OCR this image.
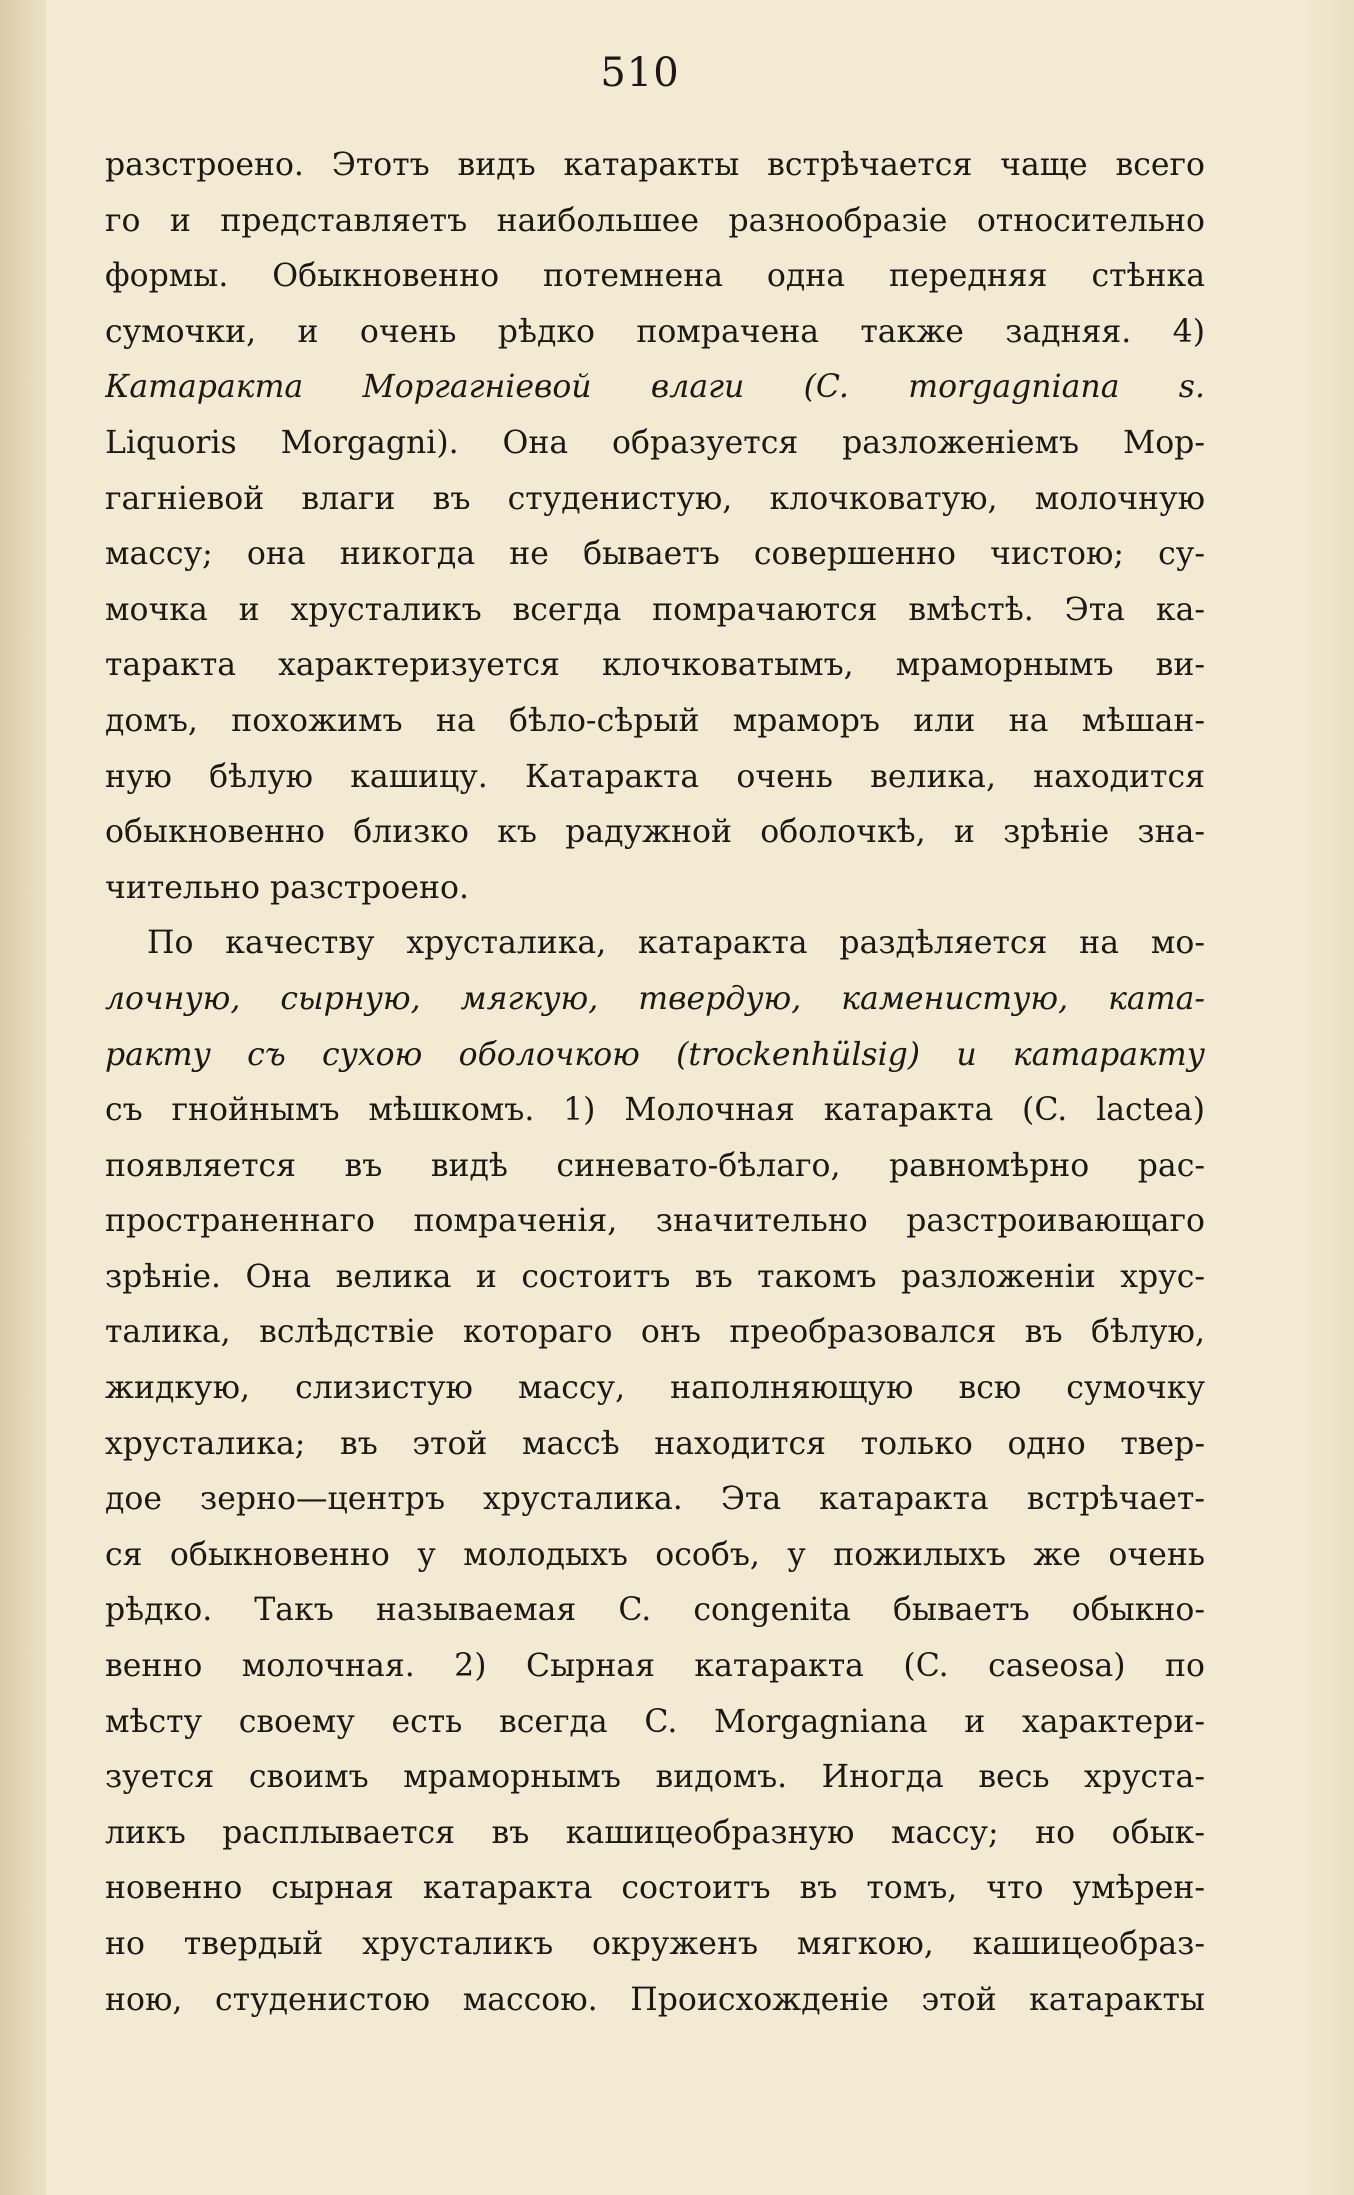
510
разстроено. Этотъ видъ катаракты встрѣчается чаще всего
го и представляетъ наибольшее разнообразіе относительно
формы. Обыкновенно потемнена одна передняя стѣнка
сумочки, и очень рѣдко помрачена также задняя. 4)
Катаракта Моргагніевой влаги (C. morgagniana s.
Liquoris Morgagni). Она образуется разложеніемъ Мор-
гагніевой влаги въ студенистую, клочковатую, молочную
массу; она никогда не бываетъ совершенно чистою; су-
мочка и хрусталикъ всегда помрачаются вмѣстѣ. Эта ка-
таракта характеризуется клочковатымъ, мраморнымъ ви-
домъ, похожимъ на бѣло-сѣрый мраморъ или на мѣшан-
ную бѣлую кашицу. Катаракта очень велика, находится
обыкновенно близко къ радужной оболочкѣ, и зрѣніе зна-
чительно разстроено.
По качеству хрусталика, катаракта раздѣляется на мо-
лочную, сырную, мягкую, твердую, каменистую, ката-
ракту съ сухою оболочкою (trockenhülsig) и катаракту
съ гнойнымъ мѣшкомъ. 1) Молочная катаракта (C. lactea)
появляется въ видѣ синевато-бѣлаго, равномѣрно рас-
пространеннаго помраченія, значительно разстроивающаго
зрѣніе. Она велика и состоитъ въ такомъ разложеніи хрус-
талика, вслѣдствіе котораго онъ преобразовался въ бѣлую,
жидкую, слизистую массу, наполняющую всю сумочку
хрусталика; въ этой массѣ находится только одно твер-
дое зерно—центръ хрусталика. Эта катаракта встрѣчает-
ся обыкновенно у молодыхъ особъ, у пожилыхъ же очень
рѣдко. Такъ называемая C. congenita бываетъ обыкно-
венно молочная. 2) Сырная катаракта (C. caseosa) по
мѣсту своему есть всегда C. Morgagniana и характери-
зуется своимъ мраморнымъ видомъ. Иногда весь хруста-
ликъ расплывается въ кашицеобразную массу; но обык-
новенно сырная катаракта состоитъ въ томъ, что умѣрен-
но твердый хрусталикъ окруженъ мягкою, кашицеобраз-
ною, студенистою массою. Происхожденіе этой катаракты
